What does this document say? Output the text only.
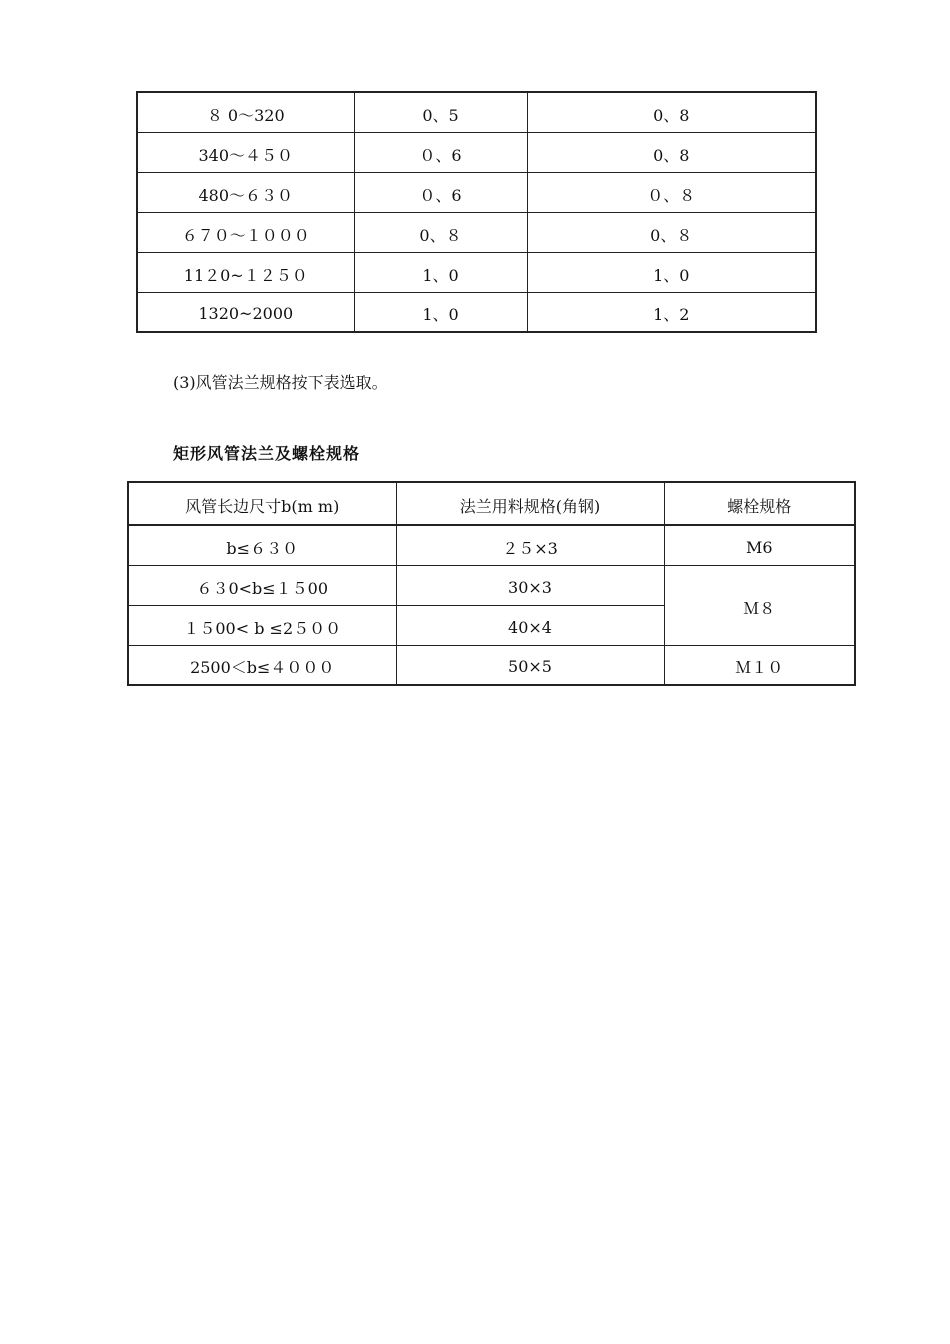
８ 0～320	0、5	0、8
340～４５０	０、6	0、8
480～６３０	０、6	０、８
６７０～１０００	0、８	0、８
11２0~１２５０	1、0	1、0
1320~2000	1、0	1、2
(3)风管法兰规格按下表选取。
矩形风管法兰及螺栓规格
风管长边尺寸b(m m)	法兰用料规格(角钢)	螺栓规格
b≤６３０	２５×3	M6
６３0<b≤１５00	30×3	Ｍ８
１５00< b ≤2５００	40×4	
2500＜b≤４０００	50×5	Ｍ１０
